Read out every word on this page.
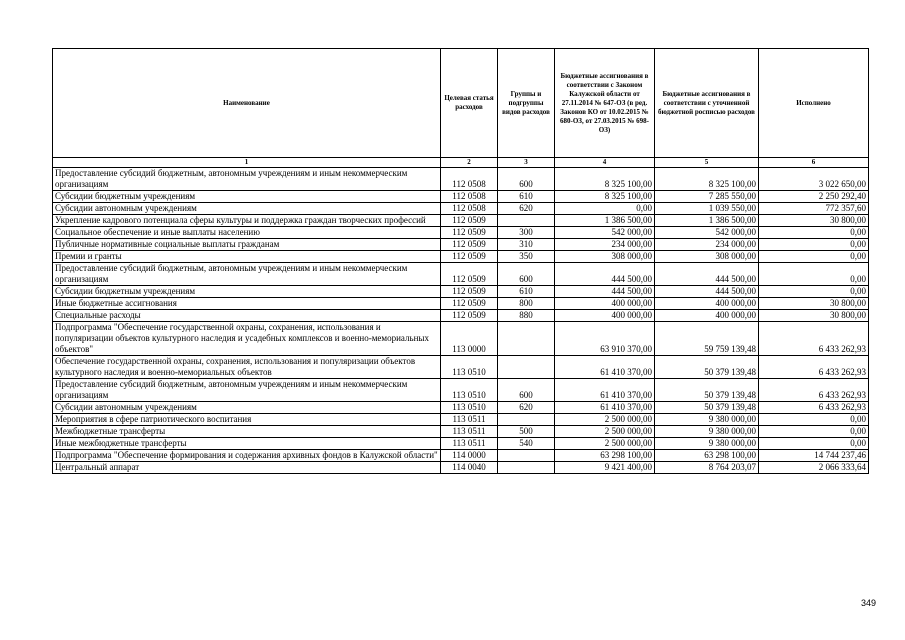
Наименование	Целевая статья расходов	Группы и подгруппы видов расходов	Бюджетные ассигнования в соответствии с Законом Калужской области от 27.11.2014 № 647-ОЗ (в ред. Законов КО от 10.02.2015 № 680-ОЗ, от 27.03.2015 № 698-ОЗ)	Бюджетные ассигнования в соответствии с уточненной бюджетной росписью расходов	Исполнено
1	2	3	4	5	6
Предоставление субсидий бюджетным, автономным учреждениям и иным некоммерческим организациям	112 0508	600	8 325 100,00	8 325 100,00	3 022 650,00
Субсидии бюджетным учреждениям	112 0508	610	8 325 100,00	7 285 550,00	2 250 292,40
Субсидии автономным учреждениям	112 0508	620	0,00	1 039 550,00	772 357,60
Укрепление кадрового потенциала сферы культуры и поддержка граждан творческих профессий	112 0509		1 386 500,00	1 386 500,00	30 800,00
Социальное обеспечение и иные выплаты населению	112 0509	300	542 000,00	542 000,00	0,00
Публичные нормативные социальные выплаты гражданам	112 0509	310	234 000,00	234 000,00	0,00
Премии и гранты	112 0509	350	308 000,00	308 000,00	0,00
Предоставление субсидий бюджетным, автономным учреждениям и иным некоммерческим организациям	112 0509	600	444 500,00	444 500,00	0,00
Субсидии бюджетным учреждениям	112 0509	610	444 500,00	444 500,00	0,00
Иные бюджетные ассигнования	112 0509	800	400 000,00	400 000,00	30 800,00
Специальные расходы	112 0509	880	400 000,00	400 000,00	30 800,00
Подпрограмма "Обеспечение государственной охраны, сохранения, использования и популяризации объектов культурного наследия и усадебных комплексов и военно-мемориальных объектов"	113 0000		63 910 370,00	59 759 139,48	6 433 262,93
Обеспечение государственной охраны, сохранения, использования и популяризации объектов культурного наследия и военно-мемориальных объектов	113 0510		61 410 370,00	50 379 139,48	6 433 262,93
Предоставление субсидий бюджетным, автономным учреждениям и иным некоммерческим организациям	113 0510	600	61 410 370,00	50 379 139,48	6 433 262,93
Субсидии автономным учреждениям	113 0510	620	61 410 370,00	50 379 139,48	6 433 262,93
Мероприятия в сфере патриотического воспитания	113 0511		2 500 000,00	9 380 000,00	0,00
Межбюджетные трансферты	113 0511	500	2 500 000,00	9 380 000,00	0,00
Иные межбюджетные трансферты	113 0511	540	2 500 000,00	9 380 000,00	0,00
Подпрограмма "Обеспечение формирования и содержания архивных фондов в Калужской области"	114 0000		63 298 100,00	63 298 100,00	14 744 237,46
Центральный аппарат	114 0040		9 421 400,00	8 764 203,07	2 066 333,64
349
